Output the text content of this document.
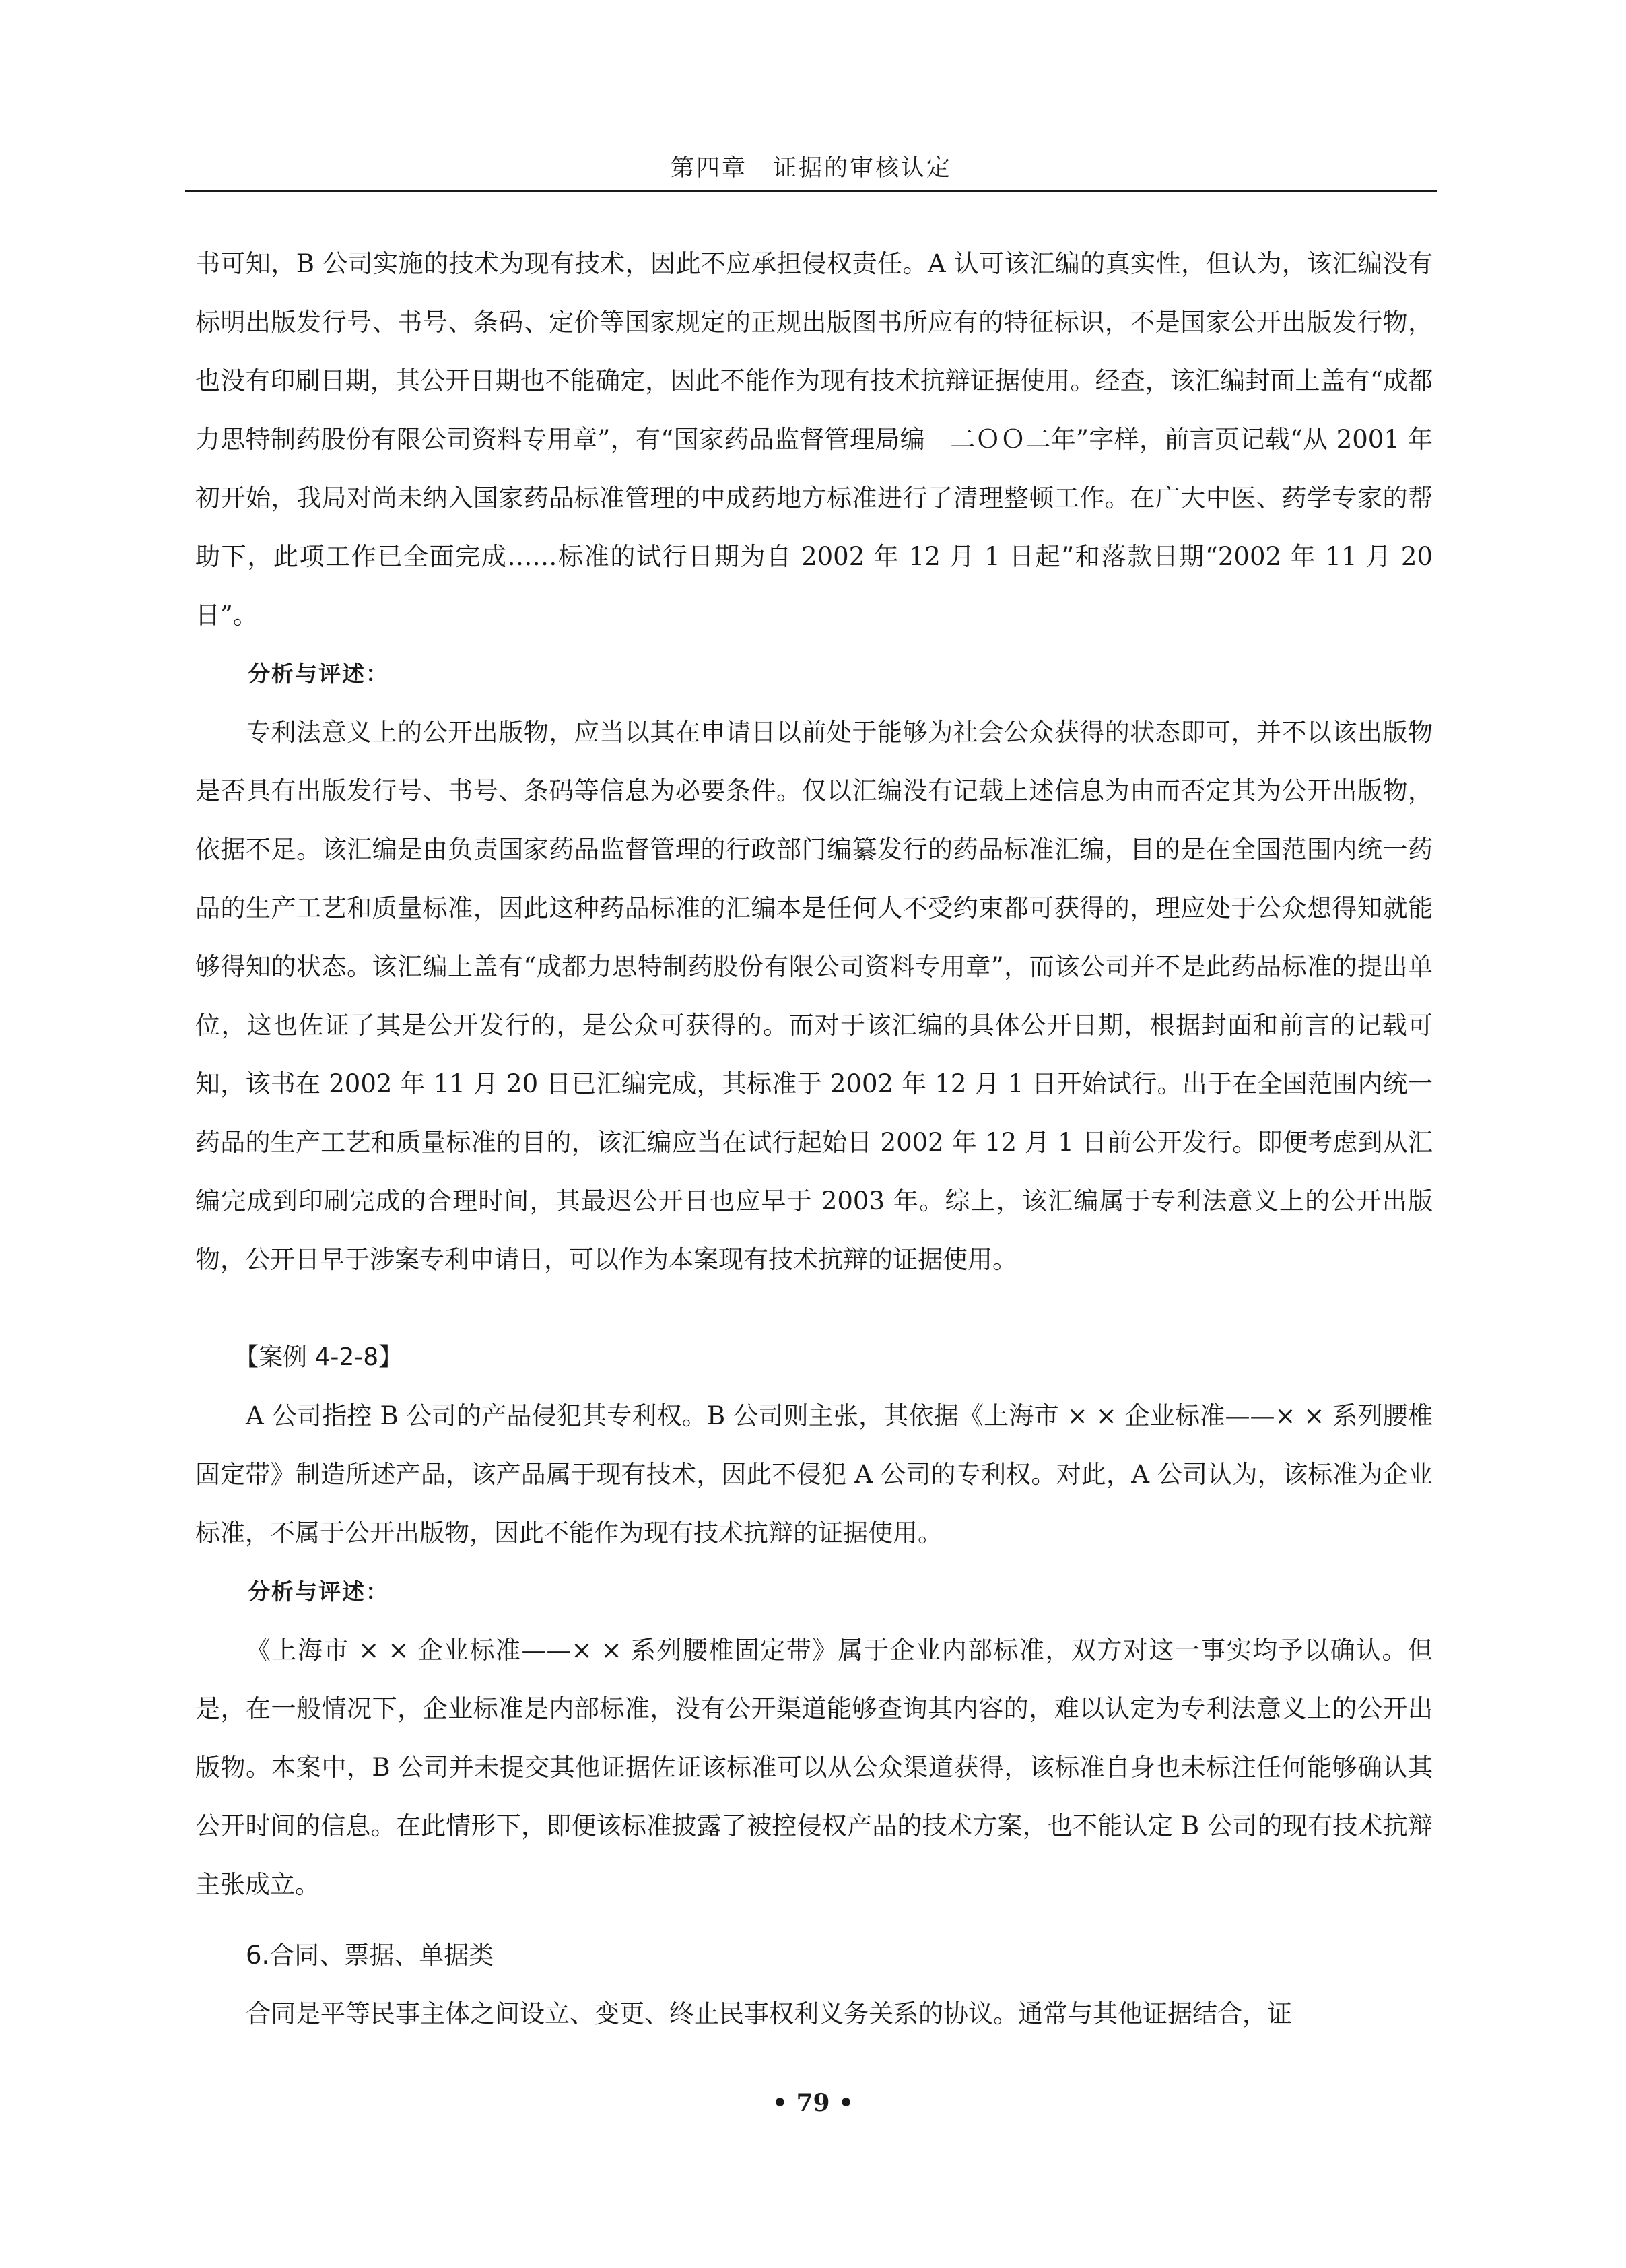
第四章　证据的审核认定

书可知，B 公司实施的技术为现有技术，因此不应承担侵权责任。A 认可该汇编的真实性，但认为，该汇编没有标明出版发行号、书号、条码、定价等国家规定的正规出版图书所应有的特征标识，不是国家公开出版发行物，也没有印刷日期，其公开日期也不能确定，因此不能作为现有技术抗辩证据使用。经查，该汇编封面上盖有“成都力思特制药股份有限公司资料专用章”，有“国家药品监督管理局编　二ＯＯ二年”字样，前言页记载“从 2001 年初开始，我局对尚未纳入国家药品标准管理的中成药地方标准进行了清理整顿工作。在广大中医、药学专家的帮助下，此项工作已全面完成……标准的试行日期为自 2002 年 12 月 1 日起”和落款日期“2002 年 11 月 20 日”。

分析与评述：

专利法意义上的公开出版物，应当以其在申请日以前处于能够为社会公众获得的状态即可，并不以该出版物是否具有出版发行号、书号、条码等信息为必要条件。仅以汇编没有记载上述信息为由而否定其为公开出版物，依据不足。该汇编是由负责国家药品监督管理的行政部门编纂发行的药品标准汇编，目的是在全国范围内统一药品的生产工艺和质量标准，因此这种药品标准的汇编本是任何人不受约束都可获得的，理应处于公众想得知就能够得知的状态。该汇编上盖有“成都力思特制药股份有限公司资料专用章”，而该公司并不是此药品标准的提出单位，这也佐证了其是公开发行的，是公众可获得的。而对于该汇编的具体公开日期，根据封面和前言的记载可知，该书在 2002 年 11 月 20 日已汇编完成，其标准于 2002 年 12 月 1 日开始试行。出于在全国范围内统一药品的生产工艺和质量标准的目的，该汇编应当在试行起始日 2002 年 12 月 1 日前公开发行。即便考虑到从汇编完成到印刷完成的合理时间，其最迟公开日也应早于 2003 年。综上，该汇编属于专利法意义上的公开出版物，公开日早于涉案专利申请日，可以作为本案现有技术抗辩的证据使用。

【案例 4-2-8】

A 公司指控 B 公司的产品侵犯其专利权。B 公司则主张，其依据《上海市 × × 企业标准——× × 系列腰椎固定带》制造所述产品，该产品属于现有技术，因此不侵犯 A 公司的专利权。对此，A 公司认为，该标准为企业标准，不属于公开出版物，因此不能作为现有技术抗辩的证据使用。

分析与评述：

《上海市 × × 企业标准——× × 系列腰椎固定带》属于企业内部标准，双方对这一事实均予以确认。但是，在一般情况下，企业标准是内部标准，没有公开渠道能够查询其内容的，难以认定为专利法意义上的公开出版物。本案中，B 公司并未提交其他证据佐证该标准可以从公众渠道获得，该标准自身也未标注任何能够确认其公开时间的信息。在此情形下，即便该标准披露了被控侵权产品的技术方案，也不能认定 B 公司的现有技术抗辩主张成立。

6.合同、票据、单据类

合同是平等民事主体之间设立、变更、终止民事权利义务关系的协议。通常与其他证据结合，证

• 79 •
